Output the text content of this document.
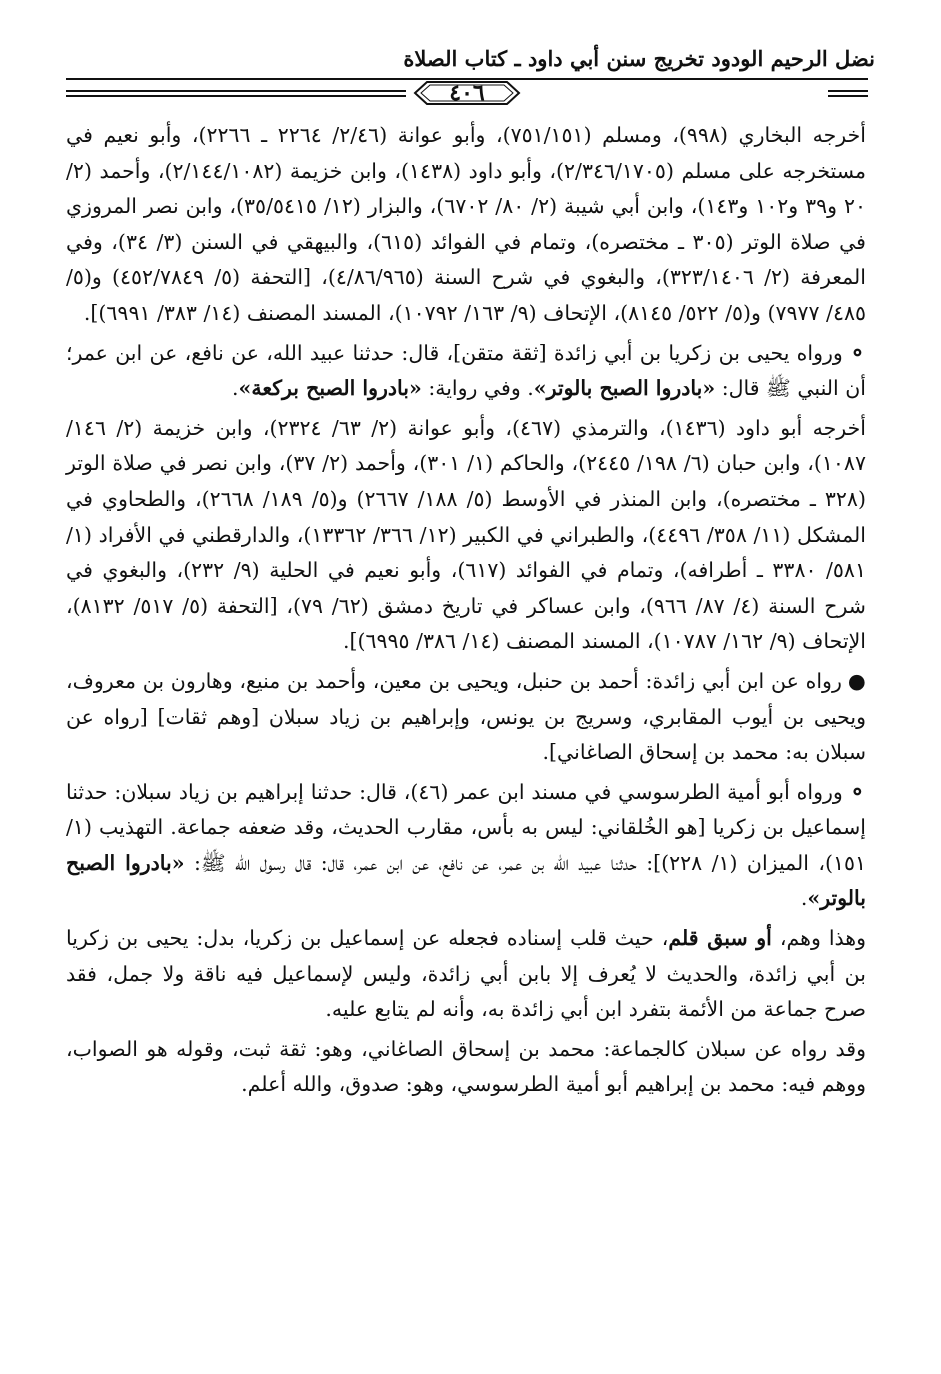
نضل الرحيم الودود تخريج سنن أبي داود ـ كتاب الصلاة
٤٠٦

أخرجه البخاري (٩٩٨)، ومسلم (٧٥١/١٥١)، وأبو عوانة (٢/٤٦/ ٢٢٦٤ ـ ٢٢٦٦)، وأبو نعيم في مستخرجه على مسلم (٢/٣٤٦/١٧٠٥)، وأبو داود (١٤٣٨)، وابن خزيمة (٢/١٤٤/١٠٨٢)، وأحمد (٢/ ٢٠ و٣٩ و١٠٢ و١٤٣)، وابن أبي شيبة (٢/ ٨٠/ ٦٧٠٢)، والبزار (١٢/ ٣٥/٥٤١٥)، وابن نصر المروزي في صلاة الوتر (٣٠٥ ـ مختصره)، وتمام في الفوائد (٦١٥)، والبيهقي في السنن (٣/ ٣٤)، وفي المعرفة (٢/ ٣٢٣/١٤٠٦)، والبغوي في شرح السنة (٤/٨٦/٩٦٥)، [التحفة (٥/ ٤٥٢/٧٨٤٩) و(٥/ ٤٨٥/ ٧٩٧٧) و(٥/ ٥٢٢/ ٨١٤٥)، الإتحاف (٩/ ١٦٣/ ١٠٧٩٢)، المسند المصنف (١٤/ ٣٨٣/ ٦٩٩١)].

⚬ورواه يحيى بن زكريا بن أبي زائدة [ثقة متقن]، قال: حدثنا عبيد الله، عن نافع، عن ابن عمر؛ أن النبي ﷺ قال: «بادروا الصبح بالوتر». وفي رواية: «بادروا الصبح بركعة».

أخرجه أبو داود (١٤٣٦)، والترمذي (٤٦٧)، وأبو عوانة (٢/ ٦٣/ ٢٣٢٤)، وابن خزيمة (٢/ ١٤٦/ ١٠٨٧)، وابن حبان (٦/ ١٩٨/ ٢٤٤٥)، والحاكم (١/ ٣٠١)، وأحمد (٢/ ٣٧)، وابن نصر في صلاة الوتر (٣٢٨ ـ مختصره)، وابن المنذر في الأوسط (٥/ ١٨٨/ ٢٦٦٧) و(٥/ ١٨٩/ ٢٦٦٨)، والطحاوي في المشكل (١١/ ٣٥٨/ ٤٤٩٦)، والطبراني في الكبير (١٢/ ٣٦٦/ ١٣٣٦٢)، والدارقطني في الأفراد (١/ ٥٨١/ ٣٣٨٠ ـ أطرافه)، وتمام في الفوائد (٦١٧)، وأبو نعيم في الحلية (٩/ ٢٣٢)، والبغوي في شرح السنة (٤/ ٨٧/ ٩٦٦)، وابن عساكر في تاريخ دمشق (٦٢/ ٧٩)، [التحفة (٥/ ٥١٧/ ٨١٣٢)، الإتحاف (٩/ ١٦٢/ ١٠٧٨٧)، المسند المصنف (١٤/ ٣٨٦/ ٦٩٩٥)].

●رواه عن ابن أبي زائدة: أحمد بن حنبل، ويحيى بن معين، وأحمد بن منيع، وهارون بن معروف، ويحيى بن أيوب المقابري، وسريج بن يونس، وإبراهيم بن زياد سبلان [وهم ثقات] [رواه عن سبلان به: محمد بن إسحاق الصاغاني].

⚬ورواه أبو أمية الطرسوسي في مسند ابن عمر (٤٦)، قال: حدثنا إبراهيم بن زياد سبلان: حدثنا إسماعيل بن زكريا [هو الخُلقاني: ليس به بأس، مقارب الحديث، وقد ضعفه جماعة. التهذيب (١/ ١٥١)، الميزان (١/ ٢٢٨)]: حدثنا عبيد الله بن عمر، عن نافع، عن ابن عمر، قال: قال رسول الله ﷺ: «بادروا الصبح بالوتر».

وهذا وهم، أو سبق قلم، حيث قلب إسناده فجعله عن إسماعيل بن زكريا، بدل: يحيى بن زكريا بن أبي زائدة، والحديث لا يُعرف إلا بابن أبي زائدة، وليس لإسماعيل فيه ناقة ولا جمل، فقد صرح جماعة من الأئمة بتفرد ابن أبي زائدة به، وأنه لم يتابع عليه.

وقد رواه عن سبلان كالجماعة: محمد بن إسحاق الصاغاني، وهو: ثقة ثبت، وقوله هو الصواب، ووهم فيه: محمد بن إبراهيم أبو أمية الطرسوسي، وهو: صدوق، والله أعلم.
